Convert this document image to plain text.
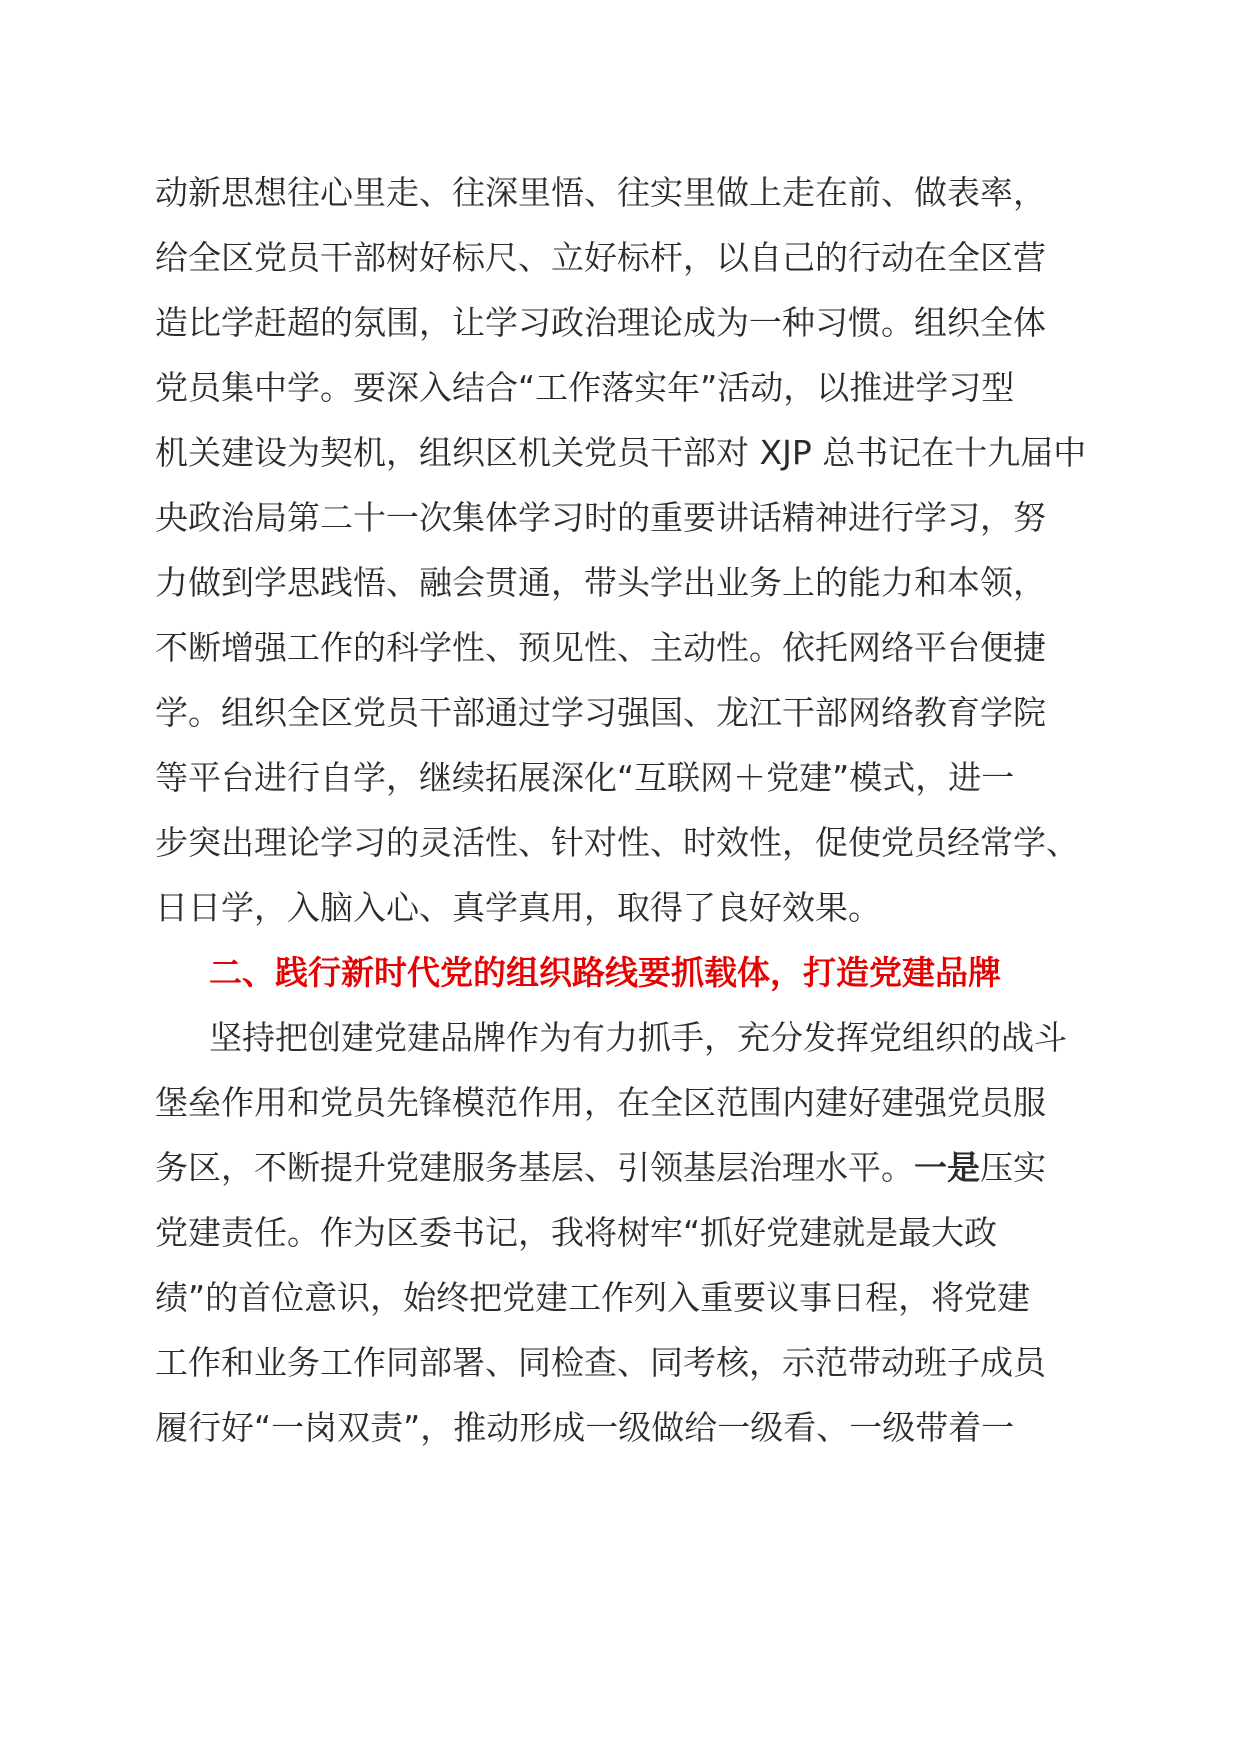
动新思想往心里走、往深里悟、往实里做上走在前、做表率，
给全区党员干部树好标尺、立好标杆，以自己的行动在全区营
造比学赶超的氛围，让学习政治理论成为一种习惯。组织全体
党员集中学。要深入结合“工作落实年”活动，以推进学习型
机关建设为契机，组织区机关党员干部对 XJP 总书记在十九届中
央政治局第二十一次集体学习时的重要讲话精神进行学习，努
力做到学思践悟、融会贯通，带头学出业务上的能力和本领，
不断增强工作的科学性、预见性、主动性。依托网络平台便捷
学。组织全区党员干部通过学习强国、龙江干部网络教育学院
等平台进行自学，继续拓展深化“互联网＋党建”模式，进一
步突出理论学习的灵活性、针对性、时效性，促使党员经常学、
日日学，入脑入心、真学真用，取得了良好效果。
二、践行新时代党的组织路线要抓载体，打造党建品牌
坚持把创建党建品牌作为有力抓手，充分发挥党组织的战斗
堡垒作用和党员先锋模范作用，在全区范围内建好建强党员服
务区，不断提升党建服务基层、引领基层治理水平。一是压实
党建责任。作为区委书记，我将树牢“抓好党建就是最大政
绩”的首位意识，始终把党建工作列入重要议事日程，将党建
工作和业务工作同部署、同检查、同考核，示范带动班子成员
履行好“一岗双责”，推动形成一级做给一级看、一级带着一
